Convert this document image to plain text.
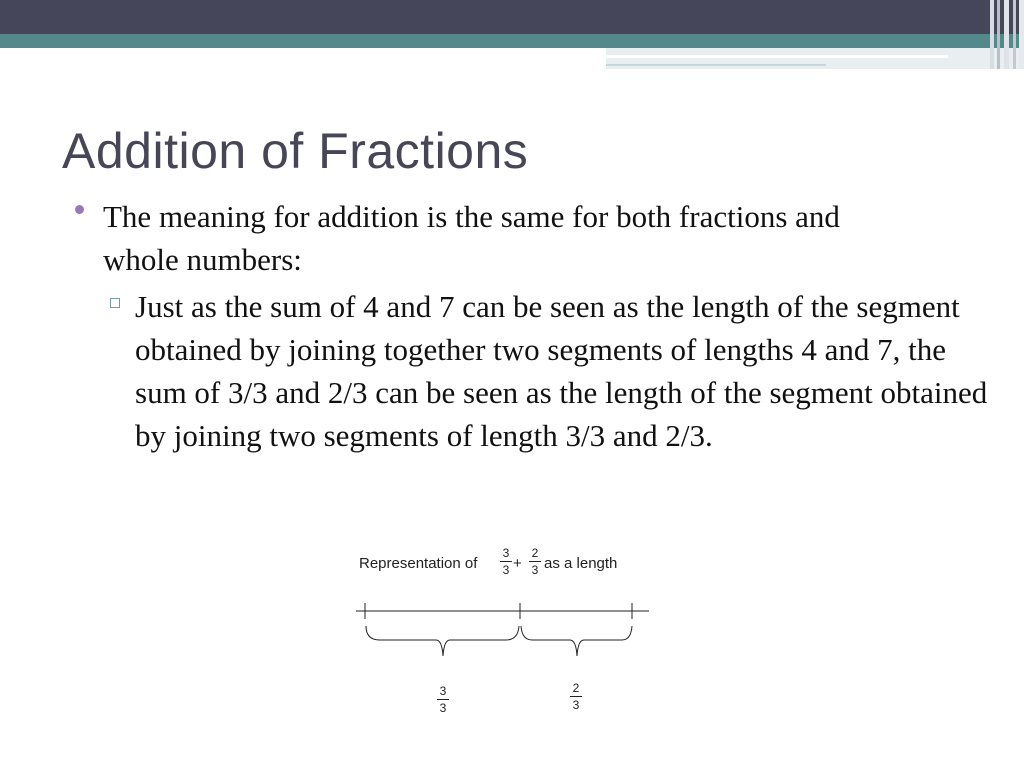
Addition of Fractions
The meaning for addition is the same for both fractions and whole numbers:
Just as the sum of 4 and 7 can be seen as the length of the segment obtained by joining together two segments of lengths 4 and 7, the sum of 3/3 and 2/3 can be seen as the length of the segment obtained by joining two segments of length 3/3 and 2/3.
Representation of
3
3 +
2
3 as a length
3
3
2
3
